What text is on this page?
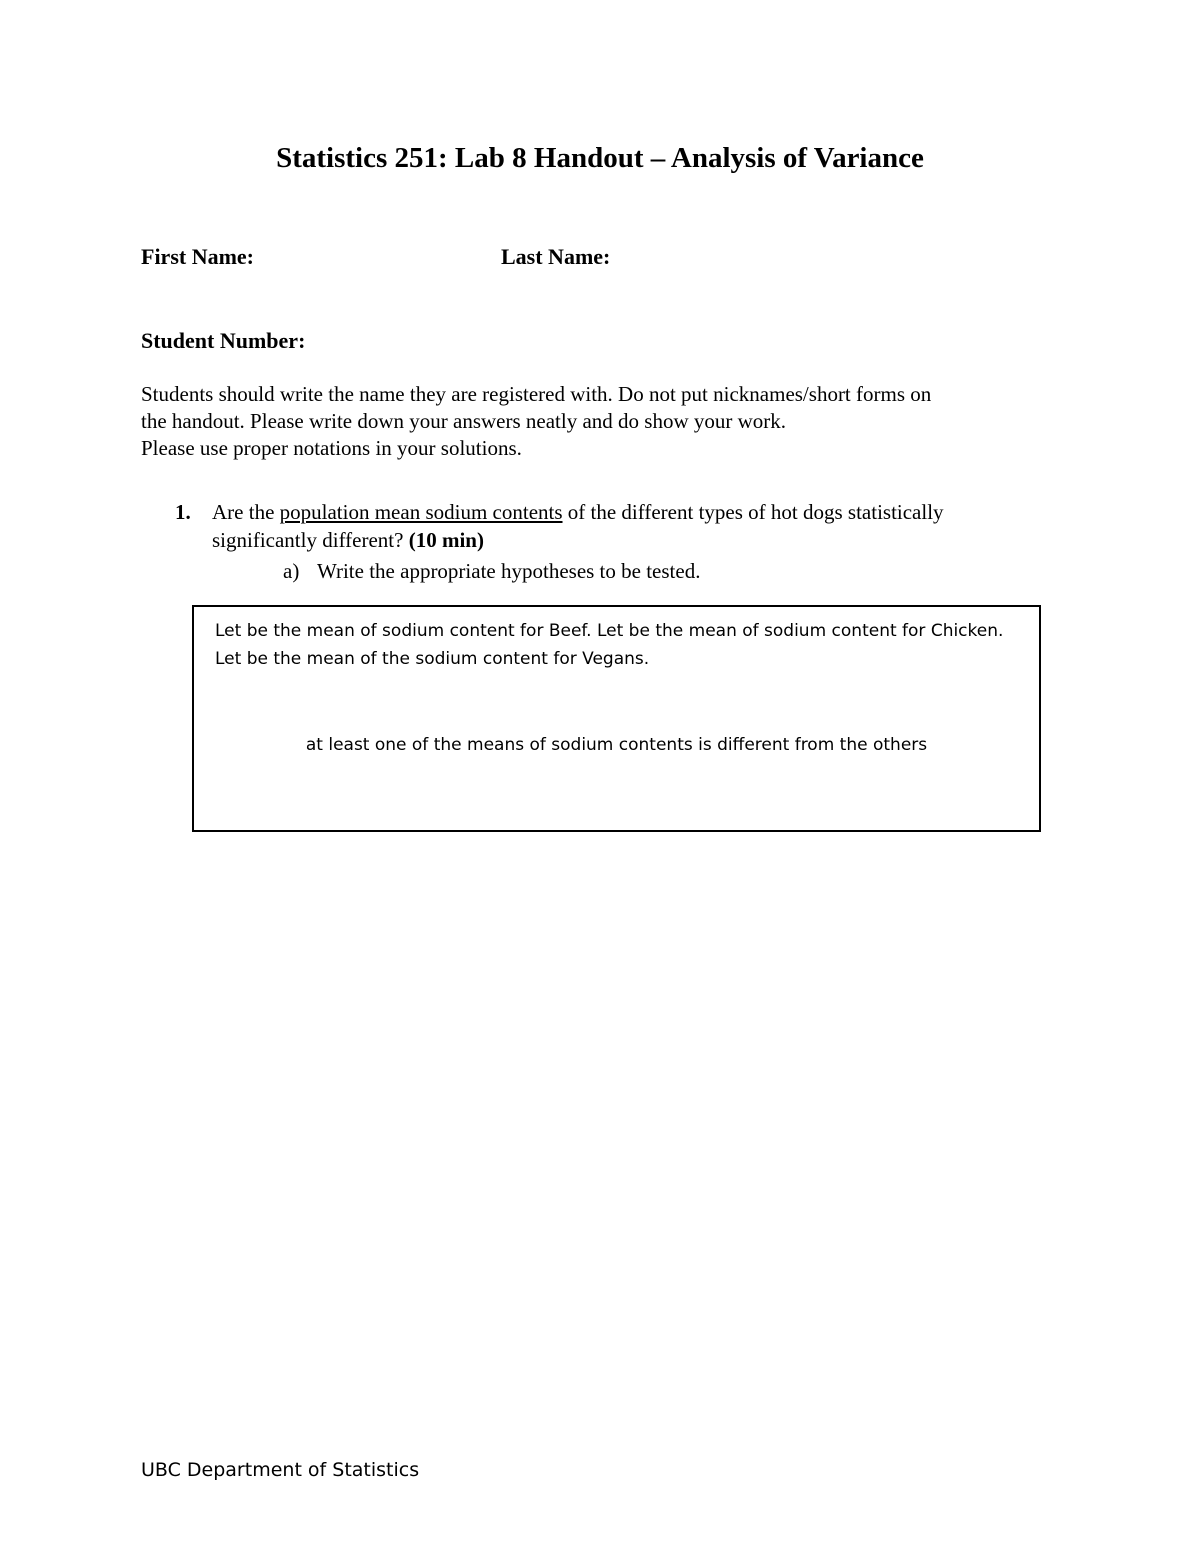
Statistics 251: Lab 8 Handout – Analysis of Variance
First Name:	Last Name:
Student Number:
Students should write the name they are registered with. Do not put nicknames/short forms on
the handout. Please write down your answers neatly and do show your work.
Please use proper notations in your solutions.
1. Are the population mean sodium contents of the different types of hot dogs statistically significantly different? (10 min)
a) Write the appropriate hypotheses to be tested.
Let be the mean of sodium content for Beef. Let be the mean of sodium content for Chicken.
Let be the mean of the sodium content for Vegans.
at least one of the means of sodium contents is different from the others
UBC Department of Statistics
